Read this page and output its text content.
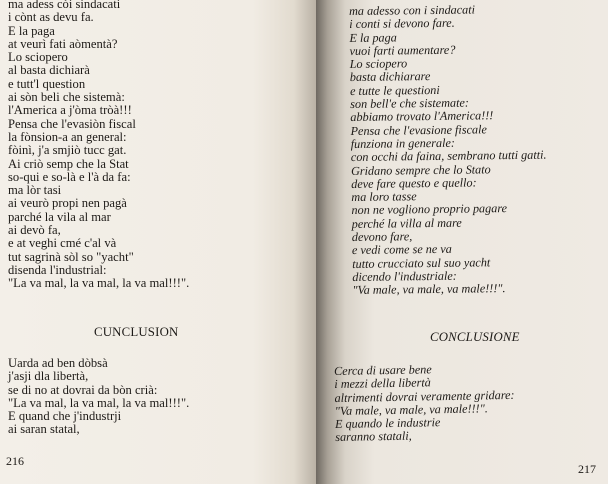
ma adess còi sindacati
i cònt as devu fa.
E la paga
at veurì fati aòmentà?
Lo sciopero
al basta dichiarà
e tutt'l question
ai sòn beli che sistemà:
l'America a j'òma tròà!!!
Pensa che l'evasiòn fiscal
la fònsion-a an general:
fòinì, j'a smjiò tucc gat.
Ai criò semp che la Stat
so-qui e so-là e l'à da fa:
ma lòr tasi
ai veurò propi nen pagà
parché la vila al mar
ai devò fa,
e at veghi cmé c'al và
tut sagrinà sòl so "yacht"
disenda l'industrial:
"La va mal, la va mal, la va mal!!!".
CUNCLUSION
Uarda ad ben dòbsà
j'asji dla libertà,
se di no at dovrai da bòn crià:
"La va mal, la va mal, la va mal!!!".
E quand che j'industrji
ai saran statal,
216
ma adesso con i sindacati
i conti si devono fare.
E la paga
vuoi farti aumentare?
Lo sciopero
basta dichiarare
e tutte le questioni
son bell'e che sistemate:
abbiamo trovato l'America!!!
Pensa che l'evasione fiscale
funziona in generale:
con occhi da faina, sembrano tutti gatti.
Gridano sempre che lo Stato
deve fare questo e quello:
ma loro tasse
non ne vogliono proprio pagare
perché la villa al mare
devono fare,
e vedi come se ne va
tutto crucciato sul suo yacht
dicendo l'industriale:
"Va male, va male, va male!!!".
CONCLUSIONE
Cerca di usare bene
i mezzi della libertà
altrimenti dovrai veramente gridare:
"Va male, va male, va male!!!".
E quando le industrie
saranno statali,
217
